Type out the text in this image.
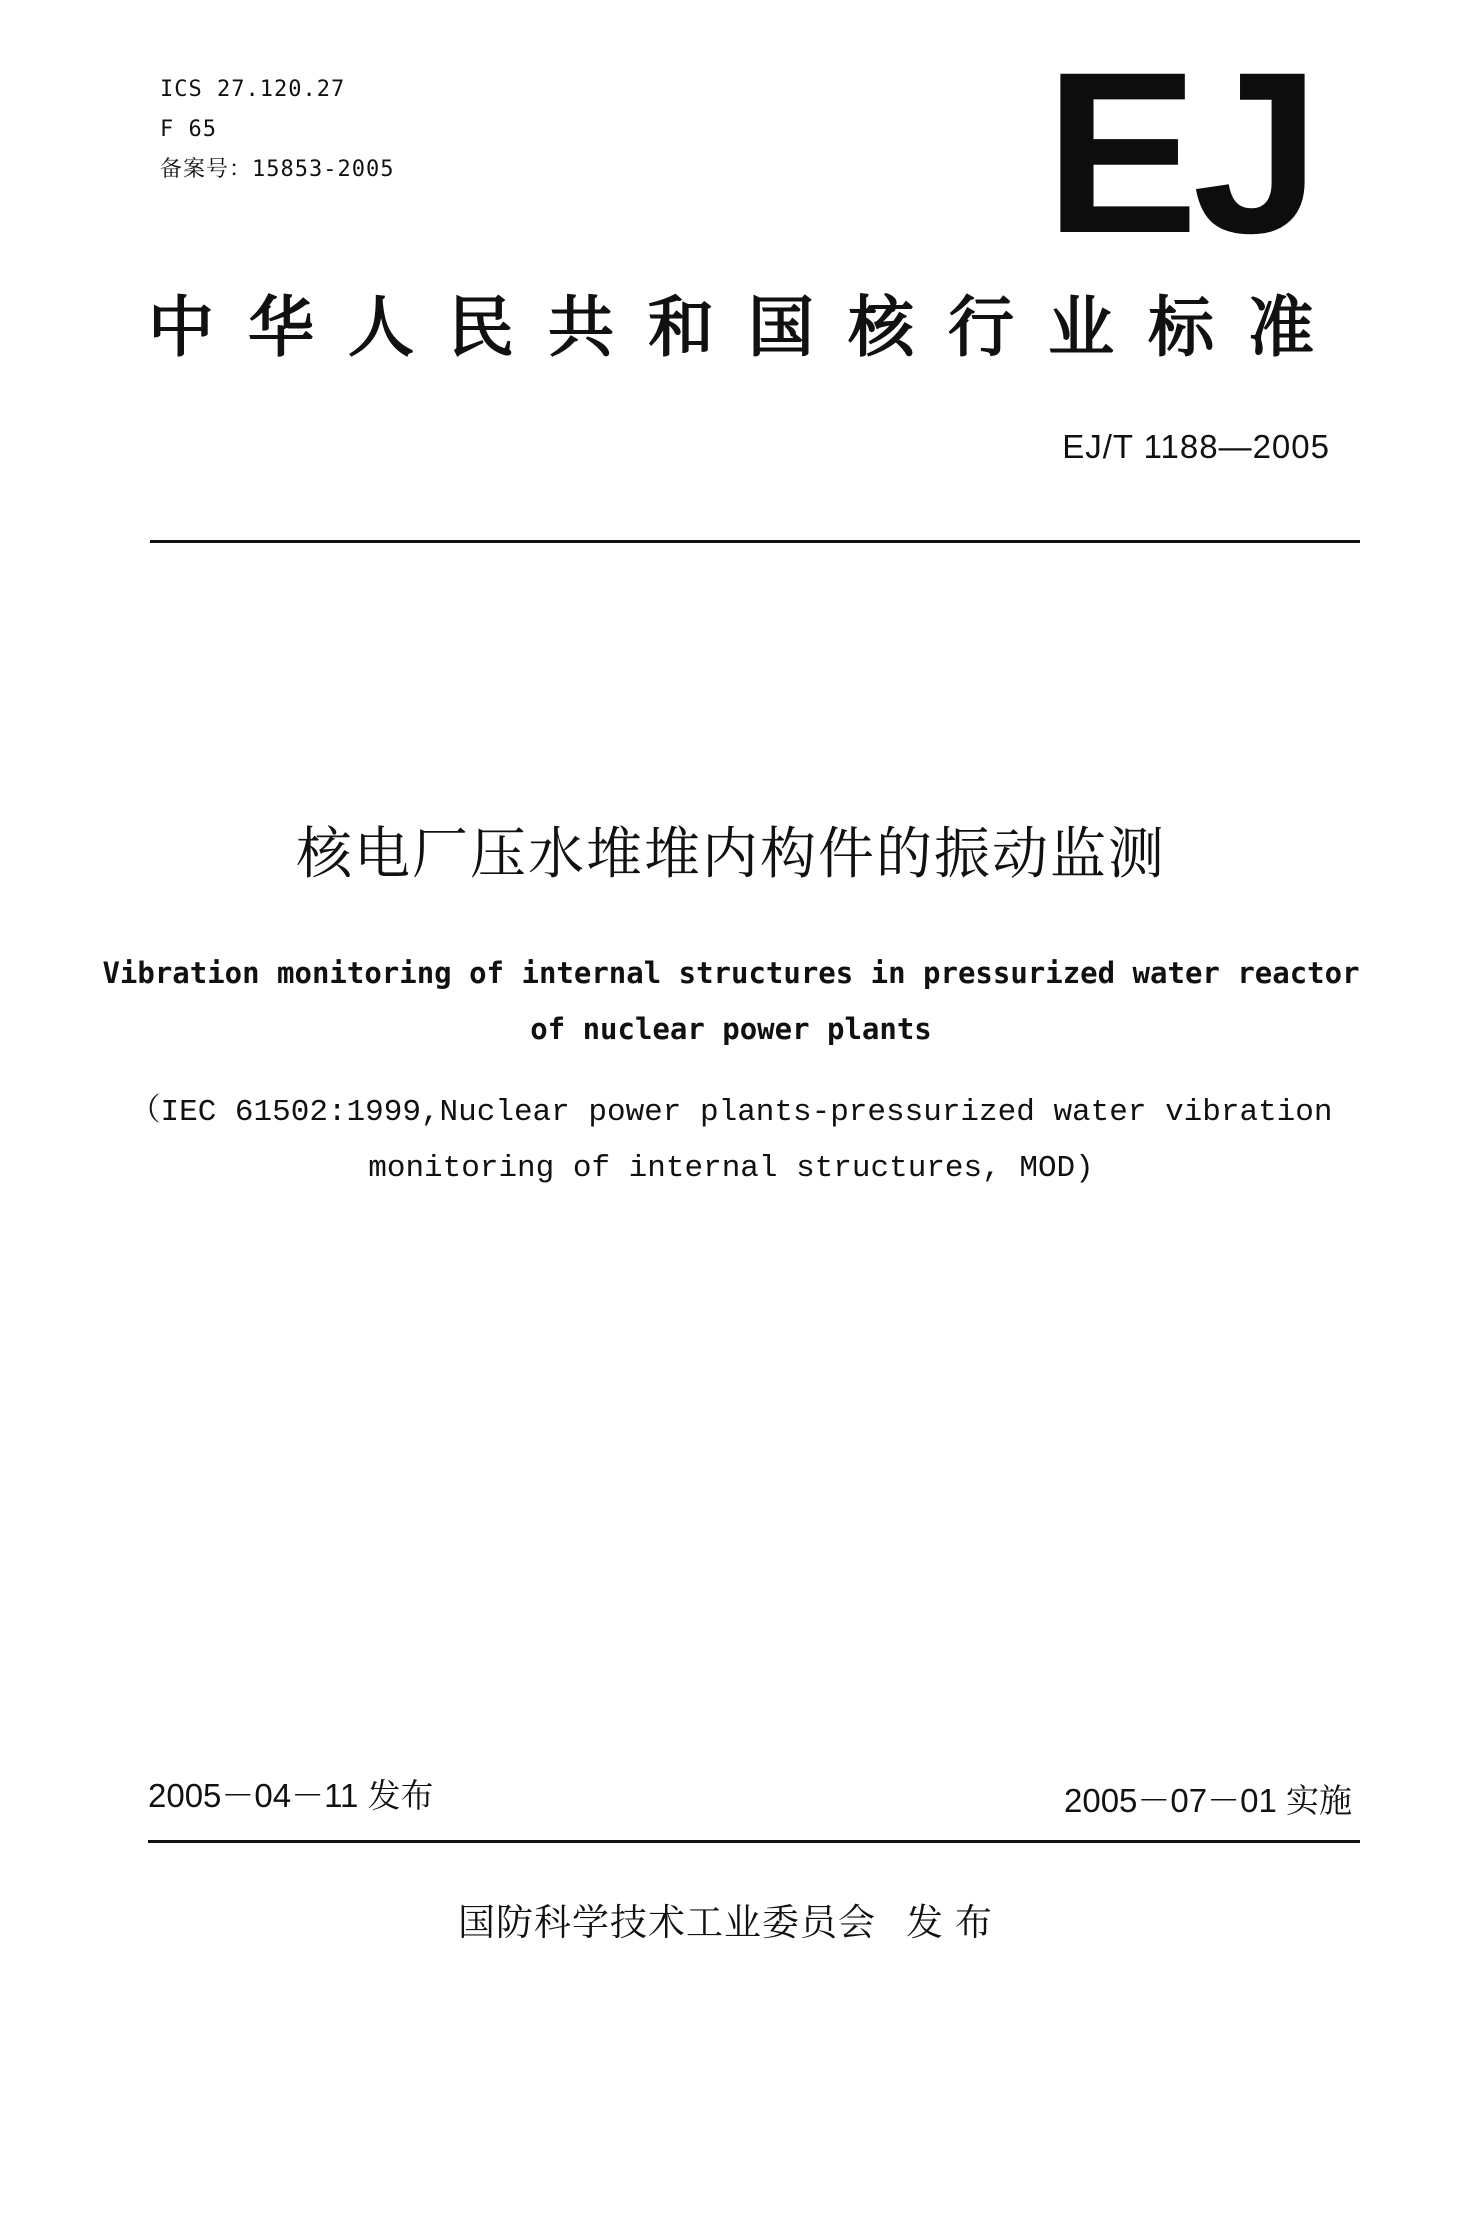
ICS 27.120.27
F 65
备案号：15853-2005	EJ
中华人民共和国核行业标准
EJ/T 1188—2005
核电厂压水堆堆内构件的振动监测
Vibration monitoring of internal structures in pressurized water reactor
of nuclear power plants
（IEC 61502:1999,Nuclear power plants-pressurized water vibration
monitoring of internal structures, MOD)
2005－04－11 发布	2005－07－01 实施
国防科学技术工业委员会 发布
